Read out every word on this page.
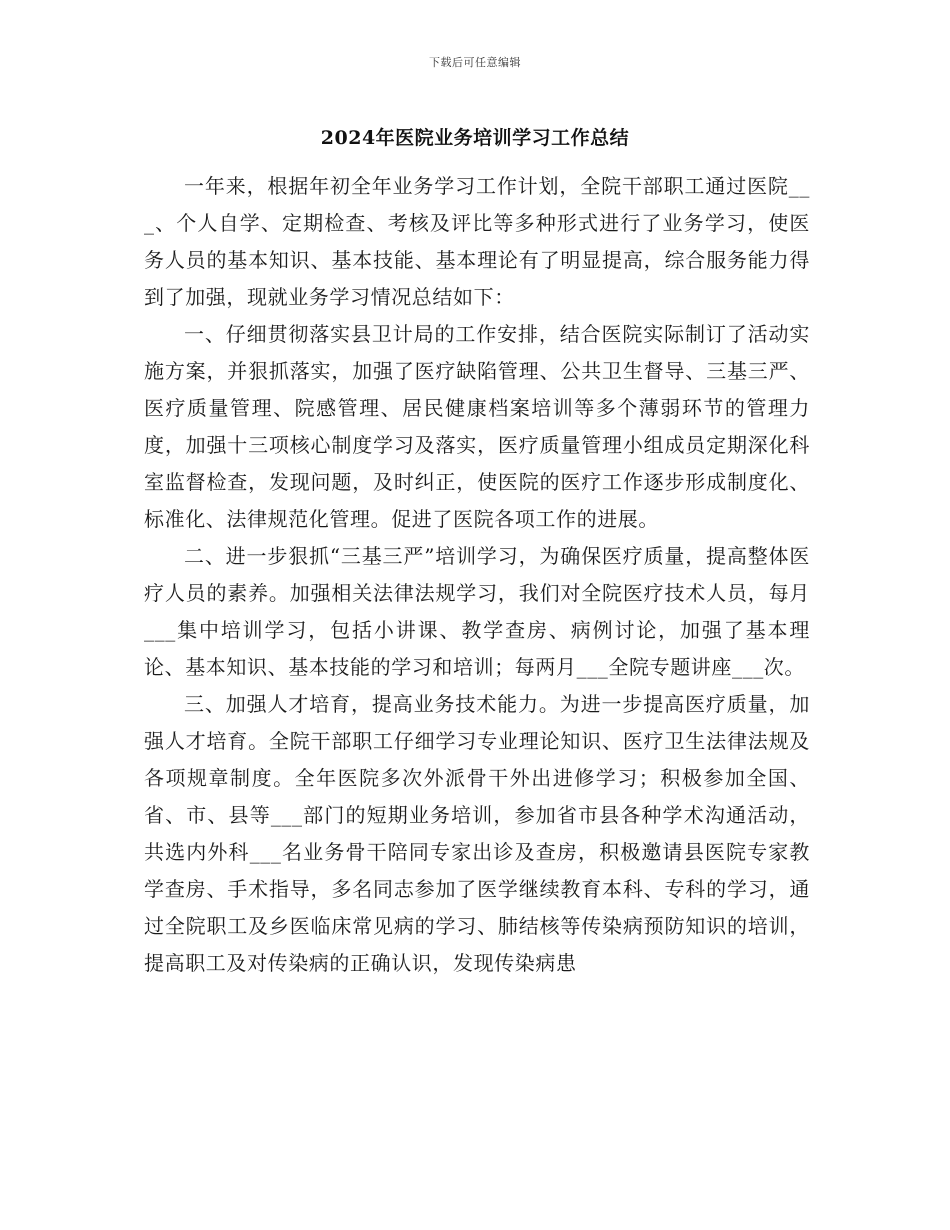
下载后可任意编辑
2024年医院业务培训学习工作总结

一年来，根据年初全年业务学习工作计划，全院干部职工通过医院___、个人自学、定期检查、考核及评比等多种形式进行了业务学习，使医务人员的基本知识、基本技能、基本理论有了明显提高，综合服务能力得到了加强，现就业务学习情况总结如下：

一、仔细贯彻落实县卫计局的工作安排，结合医院实际制订了活动实施方案，并狠抓落实，加强了医疗缺陷管理、公共卫生督导、三基三严、医疗质量管理、院感管理、居民健康档案培训等多个薄弱环节的管理力度，加强十三项核心制度学习及落实，医疗质量管理小组成员定期深化科室监督检查，发现问题，及时纠正，使医院的医疗工作逐步形成制度化、标准化、法律规范化管理。促进了医院各项工作的进展。

二、进一步狠抓“三基三严”培训学习，为确保医疗质量，提高整体医疗人员的素养。加强相关法律法规学习，我们对全院医疗技术人员，每月___集中培训学习，包括小讲课、教学查房、病例讨论，加强了基本理论、基本知识、基本技能的学习和培训；每两月___全院专题讲座___次。

三、加强人才培育，提高业务技术能力。为进一步提高医疗质量，加强人才培育。全院干部职工仔细学习专业理论知识、医疗卫生法律法规及各项规章制度。全年医院多次外派骨干外出进修学习；积极参加全国、省、市、县等___部门的短期业务培训，参加省市县各种学术沟通活动，共选内外科___名业务骨干陪同专家出诊及查房，积极邀请县医院专家教学查房、手术指导，多名同志参加了医学继续教育本科、专科的学习，通过全院职工及乡医临床常见病的学习、肺结核等传染病预防知识的培训，提高职工及对传染病的正确认识，发现传染病患
